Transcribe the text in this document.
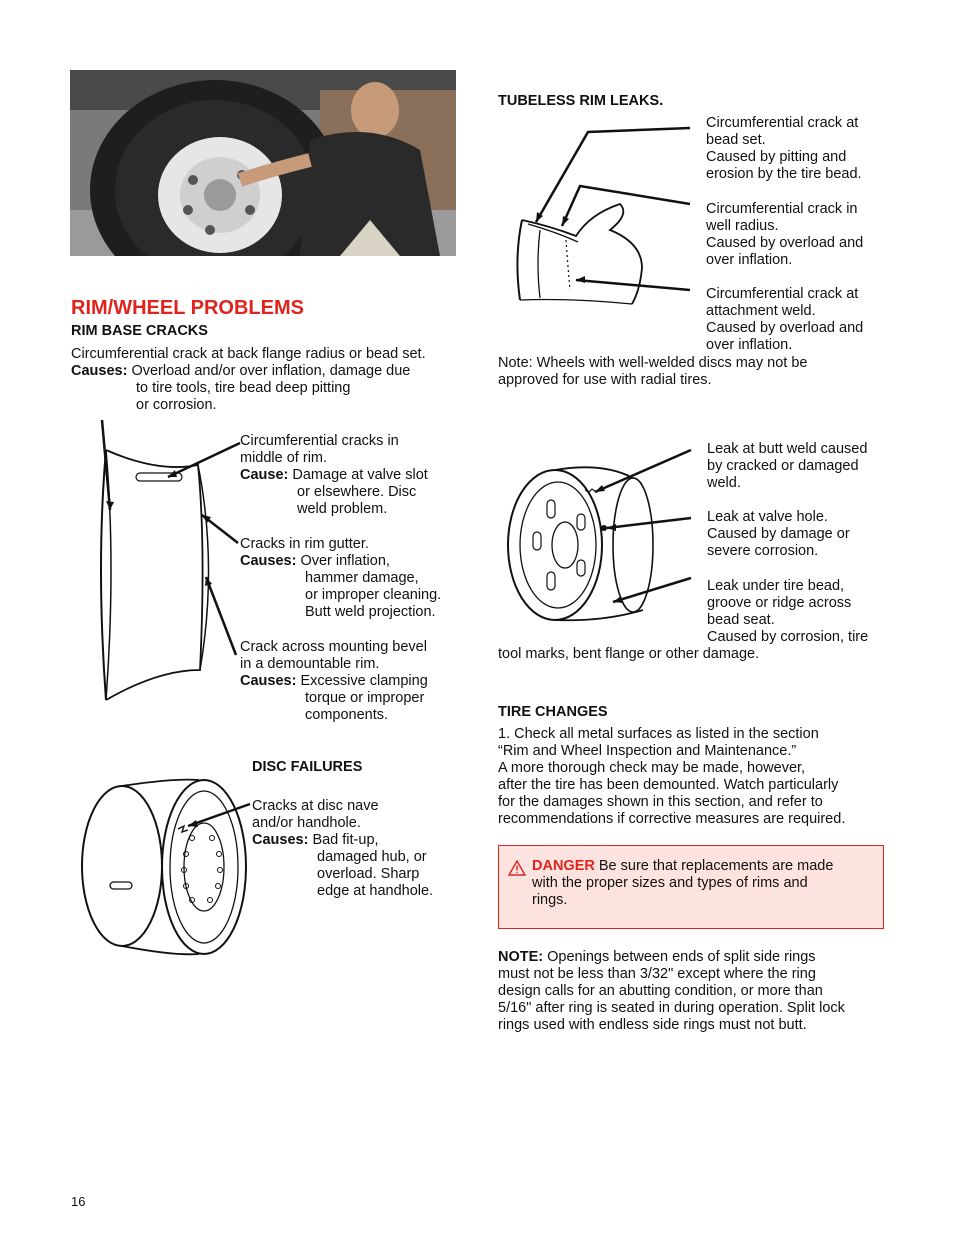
RIM/WHEEL PROBLEMS
RIM BASE CRACKS
Circumferential crack at back flange radius or bead set.
Causes: Overload and/or over inflation, damage due
to tire tools, tire bead deep pitting
or corrosion.
Circumferential cracks in
middle of rim.
Cause: Damage at valve slot
or elsewhere. Disc
weld problem.
Cracks in rim gutter.
Causes: Over inflation,
hammer damage,
or improper cleaning.
Butt weld projection.
Crack across mounting bevel
in a demountable rim.
Causes: Excessive clamping
torque or improper
components.
DISC FAILURES
Cracks at disc nave
and/or handhole.
Causes: Bad fit-up,
damaged hub, or
overload. Sharp
edge at handhole.
TUBELESS RIM LEAKS.
Circumferential crack at
bead set.
Caused by pitting and
erosion by the tire bead.
Circumferential crack in
well radius.
Caused by overload and
over inflation.
Circumferential crack at
attachment weld.
Caused by overload and
over inflation.
Note: Wheels with well-welded discs may not be
approved for use with radial tires.
Leak at butt weld caused
by cracked or damaged
weld.
Leak at valve hole.
Caused by damage or
severe corrosion.
Leak under tire bead,
groove or ridge across
bead seat.
Caused by corrosion, tire
tool marks, bent flange or other damage.
TIRE CHANGES
1. Check all metal surfaces as listed in the section
“Rim and Wheel Inspection and Maintenance.”
A more thorough check may be made, however,
after the tire has been demounted. Watch particularly
for the damages shown in this section, and refer to
recommendations if corrective measures are required.
DANGER Be sure that replacements are made
with the proper sizes and types of rims and
rings.
NOTE: Openings between ends of split side rings
must not be less than 3/32" except where the ring
design calls for an abutting condition, or more than
5/16" after ring is seated in during operation. Split lock
rings used with endless side rings must not butt.
16
